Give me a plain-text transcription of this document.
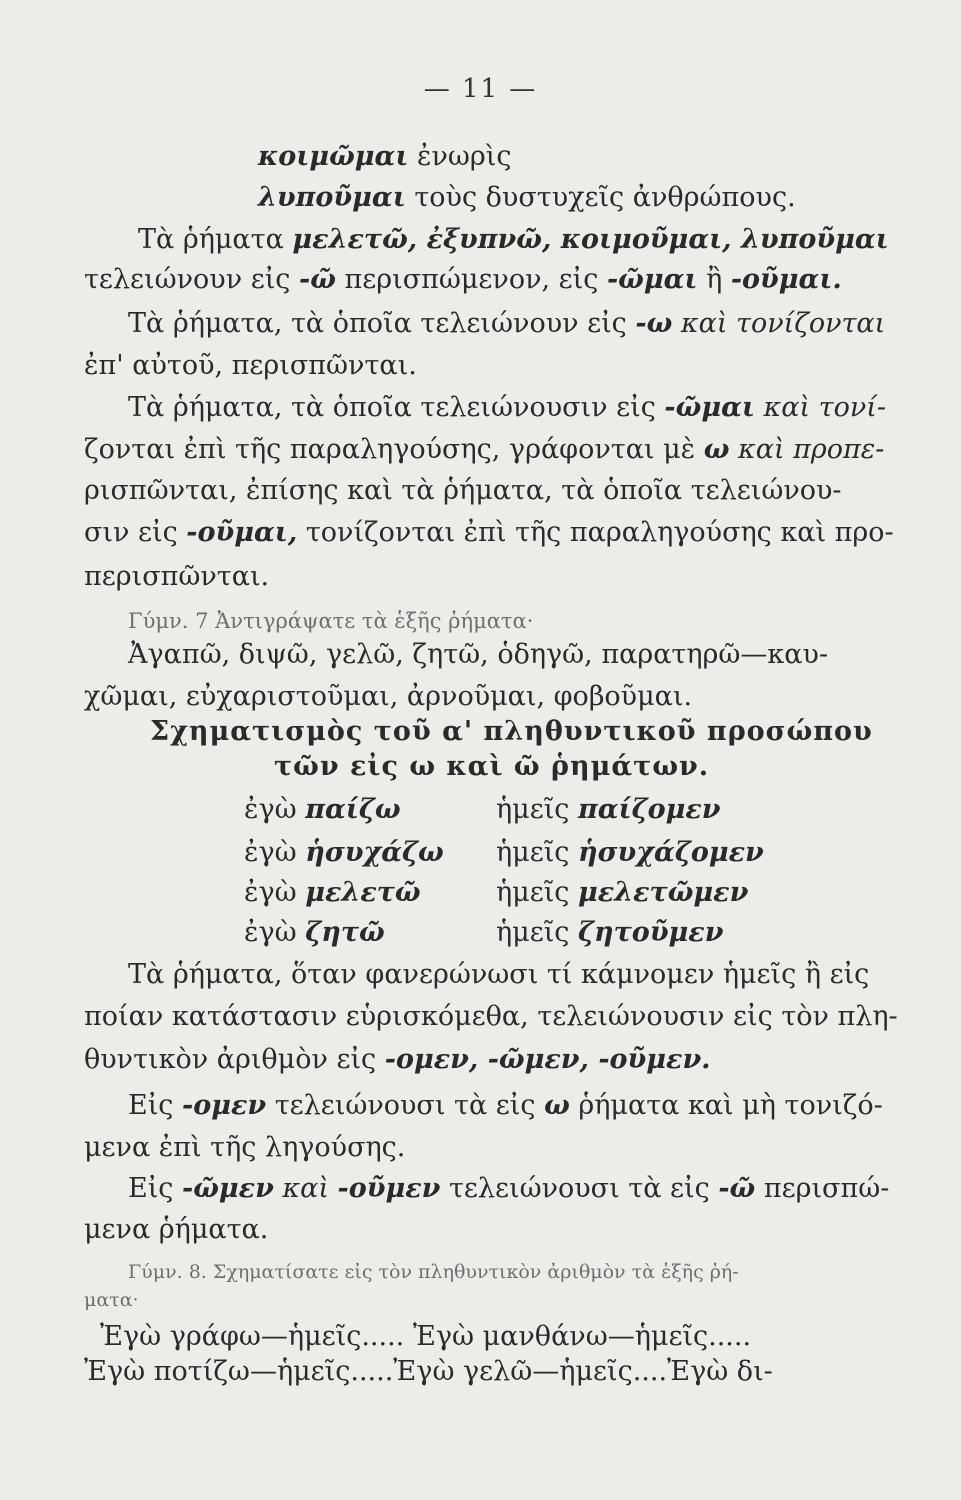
— 11 —
κοιμῶμαι ἐνωρὶς
λυποῦμαι τοὺς δυστυχεῖς ἀνθρώπους.
Τὰ ῥήματα μελετῶ, ἐξυπνῶ, κοιμοῦμαι, λυποῦμαι
τελειώνουν εἰς -ῶ περισπώμενον, εἰς -ῶμαι ἢ -οῦμαι.
Τὰ ῥήματα, τὰ ὁποῖα τελειώνουν εἰς -ω καὶ τονίζονται
ἐπ' αὐτοῦ, περισπῶνται.
Τὰ ῥήματα, τὰ ὁποῖα τελειώνουσιν εἰς -ῶμαι καὶ τονί-
ζονται ἐπὶ τῆς παραληγούσης, γράφονται μὲ ω καὶ προπε-
ρισπῶνται, ἐπίσης καὶ τὰ ῥήματα, τὰ ὁποῖα τελειώνου-
σιν εἰς -οῦμαι, τονίζονται ἐπὶ τῆς παραληγούσης καὶ προ-
περισπῶνται.
Γύμν. 7 Ἀντιγράψατε τὰ ἑξῆς ῥήματα·
Ἀγαπῶ, διψῶ, γελῶ, ζητῶ, ὁδηγῶ, παρατηρῶ—καυ-
χῶμαι, εὐχαριστοῦμαι, ἀρνοῦμαι, φοβοῦμαι.
Σχηματισμὸς τοῦ α' πληθυντικοῦ προσώπου
τῶν εἰς ω καὶ ῶ ῥημάτων.
ἐγὼ παίζω	ἡμεῖς παίζομεν
ἐγὼ ἡσυχάζω ἡμεῖς ἡσυχάζομεν
ἐγὼ μελετῶ	ἡμεῖς μελετῶμεν
ἐγὼ ζητῶ	ἡμεῖς ζητοῦμεν
Τὰ ῥήματα, ὅταν φανερώνωσι τί κάμνομεν ἡμεῖς ἢ εἰς
ποίαν κατάστασιν εὑρισκόμεθα, τελειώνουσιν εἰς τὸν πλη-
θυντικὸν ἀριθμὸν εἰς -ομεν, -ῶμεν, -οῦμεν.
Εἰς -ομεν τελειώνουσι τὰ εἰς ω ῥήματα καὶ μὴ τονιζό-
μενα ἐπὶ τῆς ληγούσης.
Εἰς -ῶμεν καὶ -οῦμεν τελειώνουσι τὰ εἰς -ῶ περισπώ-
μενα ῥήματα.
Γύμν. 8. Σχηματίσατε εἰς τὸν πληθυντικὸν ἀριθμὸν τὰ ἑξῆς ῥή-
ματα·
Ἐγὼ γράφω—ἡμεῖς..... Ἐγὼ μανθάνω—ἡμεῖς.....
Ἐγὼ ποτίζω—ἡμεῖς.....Ἐγὼ γελῶ—ἡμεῖς....Ἐγὼ δι-
